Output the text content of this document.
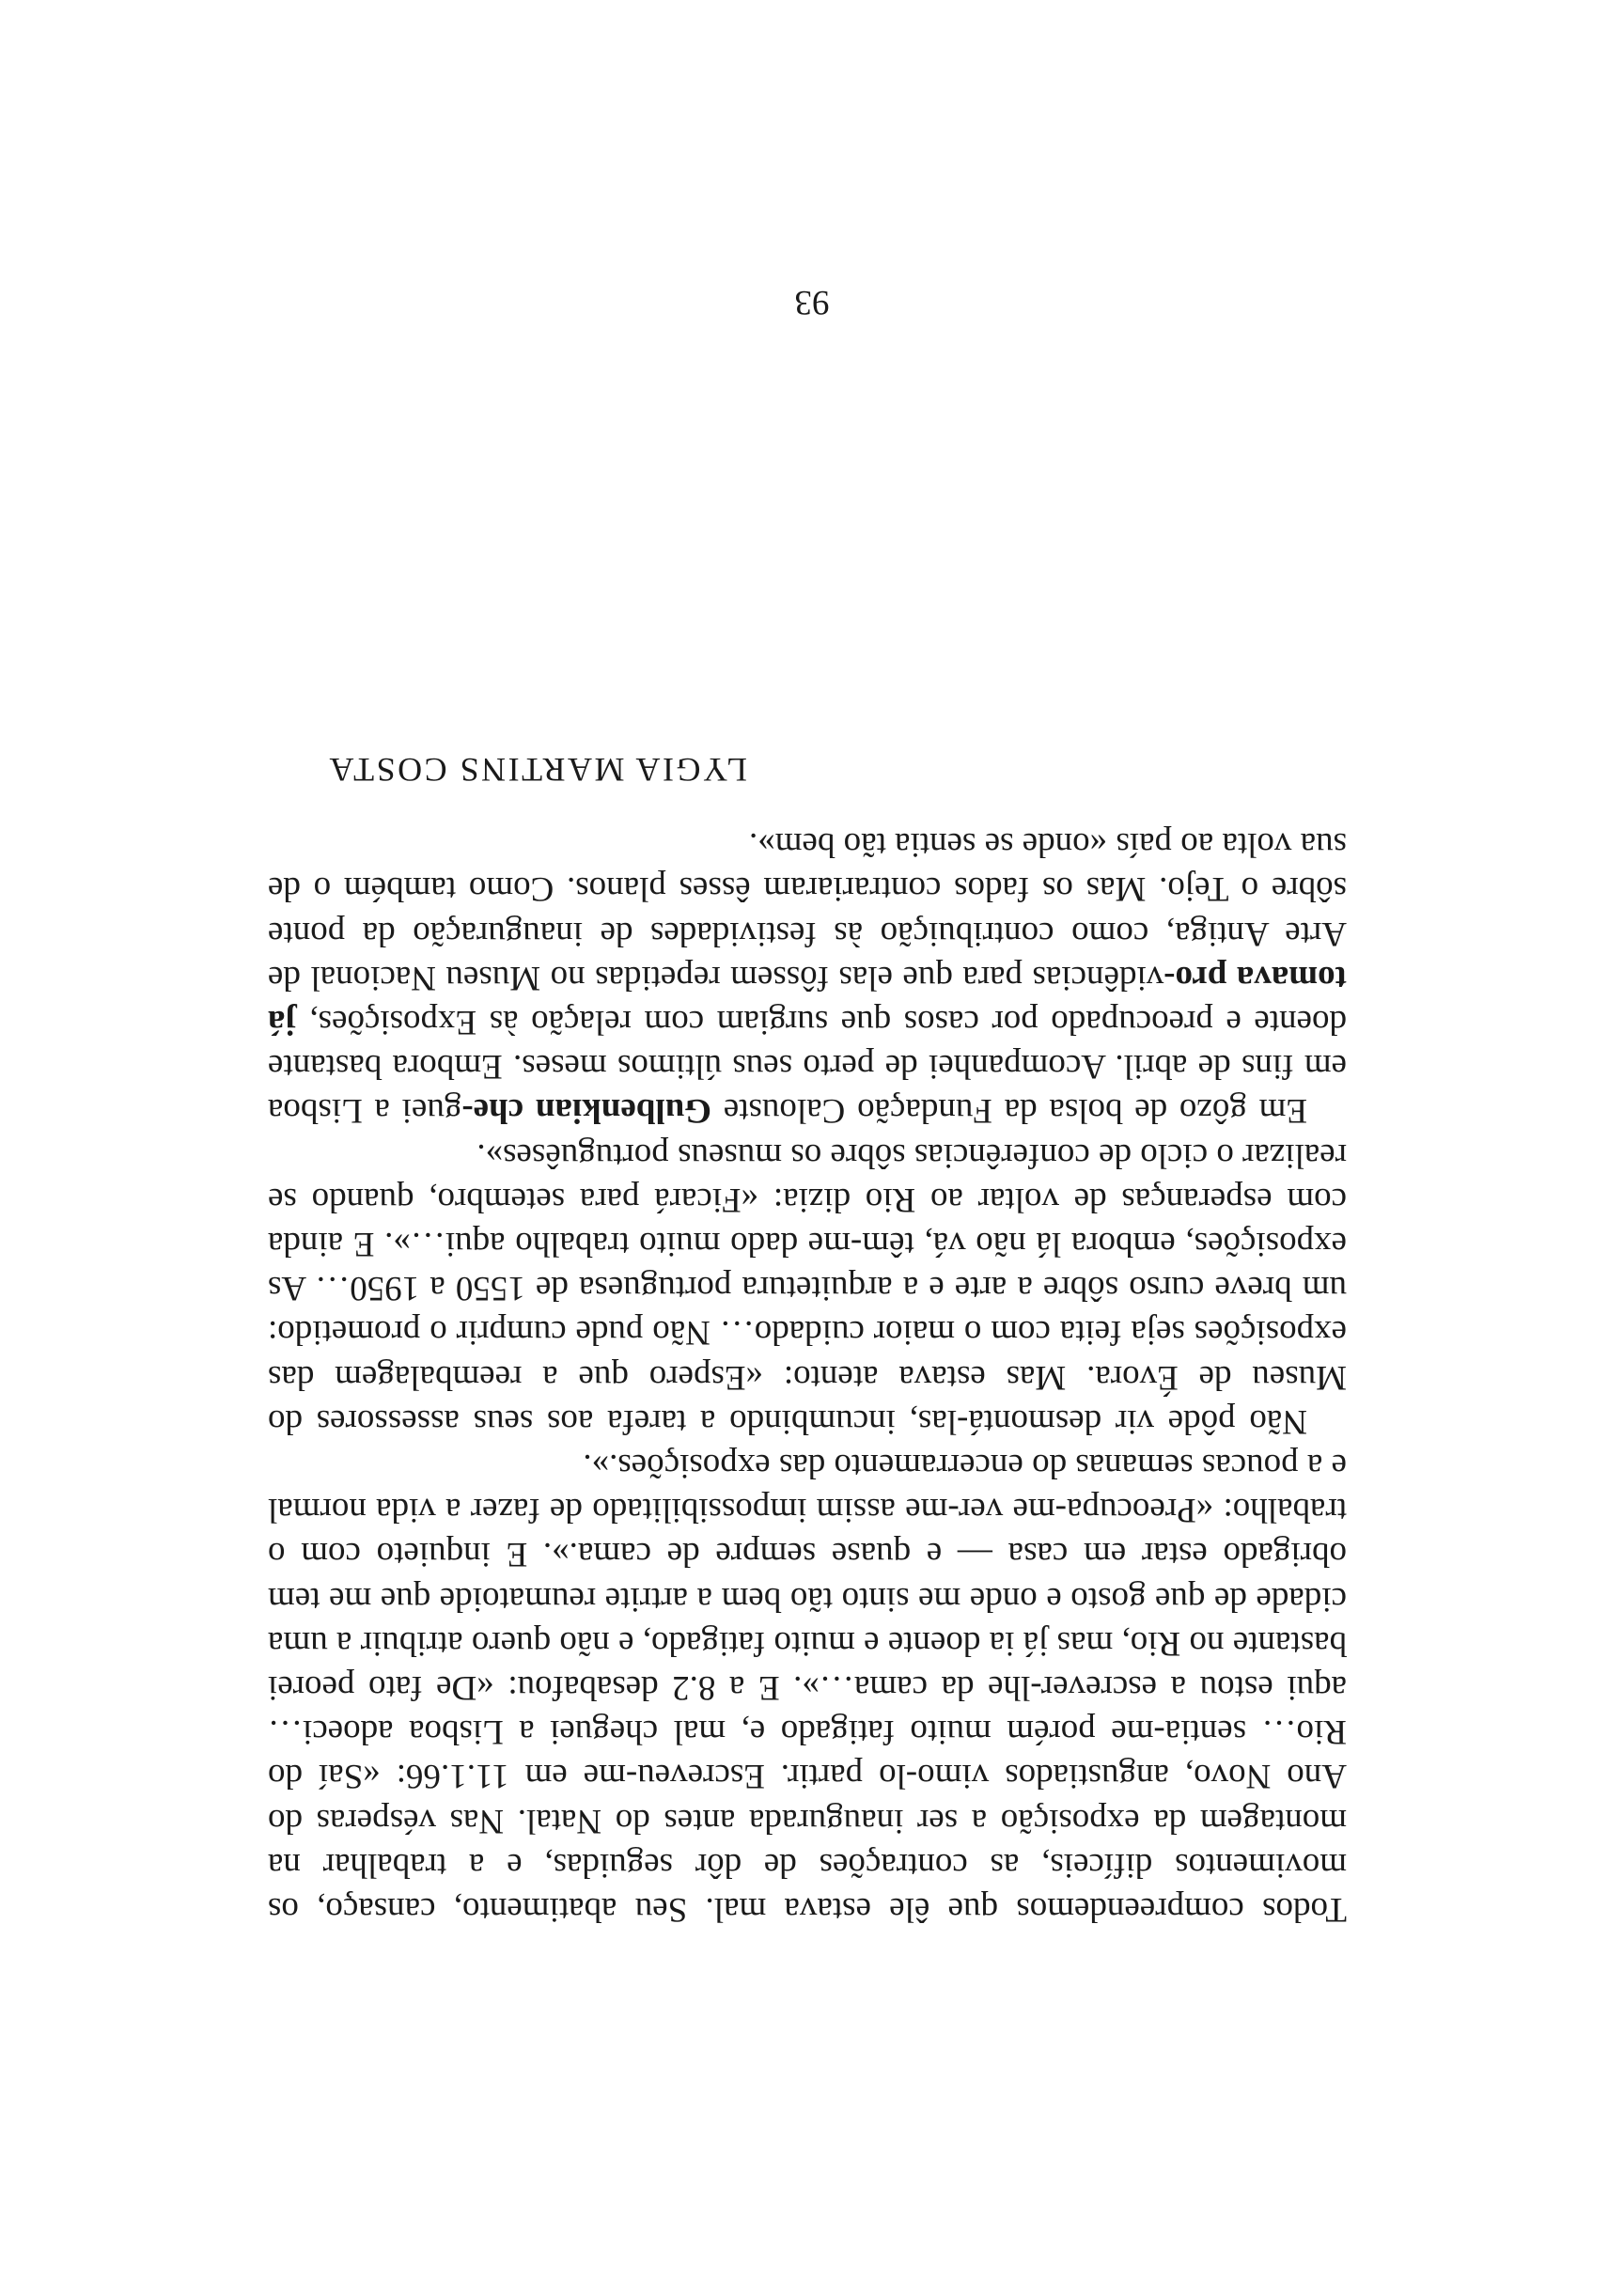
Todos compreendemos que êle estava mal. Seu abatimento, cansaço, os movimentos difíceis, as contrações de dôr seguidas, e a trabalhar na montagem da exposição a ser inaugurada antes do Natal. Nas vésperas do Ano Novo, angustiados vimo-lo partir. Escreveu-me em 11.1.66: «Saí do Rio… sentia-me porém muito fatigado e, mal cheguei a Lisboa adoeci… aqui estou a escrever-lhe da cama…». E a 8.2 desabafou: «De fato peorei bastante no Rio, mas já ia doente e muito fatigado, e não quero atribuir a uma cidade de que gosto e onde me sinto tão bem a artrite reumatoide que me tem obrigado estar em casa — e quase sempre de cama.». E inquieto com o trabalho: «Preocupa-me ver-me assim impossibilitado de fazer a vida normal e a poucas semanas do encerramento das exposições.».

Não pôde vir desmontá-las, incumbindo a tarefa aos seus assessores do Museu de Évora. Mas estava atento: «Espero que a reembalagem das exposições seja feita com o maior cuidado… Não pude cumprir o prometido: um breve curso sôbre a arte e a arquitetura portuguesa de 1550 a 1950… As exposições, embora lá não vá, têm-me dado muito trabalho aqui…». E ainda com esperanças de voltar ao Rio dizia: «Ficará para setembro, quando se realizar o ciclo de conferências sôbre os museus portuguêses».

Em gôzo de bolsa da Fundação Calouste Gulbenkian che-guei a Lisboa em fins de abril. Acompanhei de perto seus últimos meses. Embora bastante doente e preocupado por casos que surgiam com relação às Exposições, já tomava pro-vidências para que elas fôssem repetidas no Museu Nacional de Arte Antiga, como contribuição às festividades de inauguração da ponte sôbre o Tejo. Mas os fados contrariaram êsses planos. Como também o de sua volta ao país «onde se sentia tão bem».

LYGIA MARTINS COSTA
93
